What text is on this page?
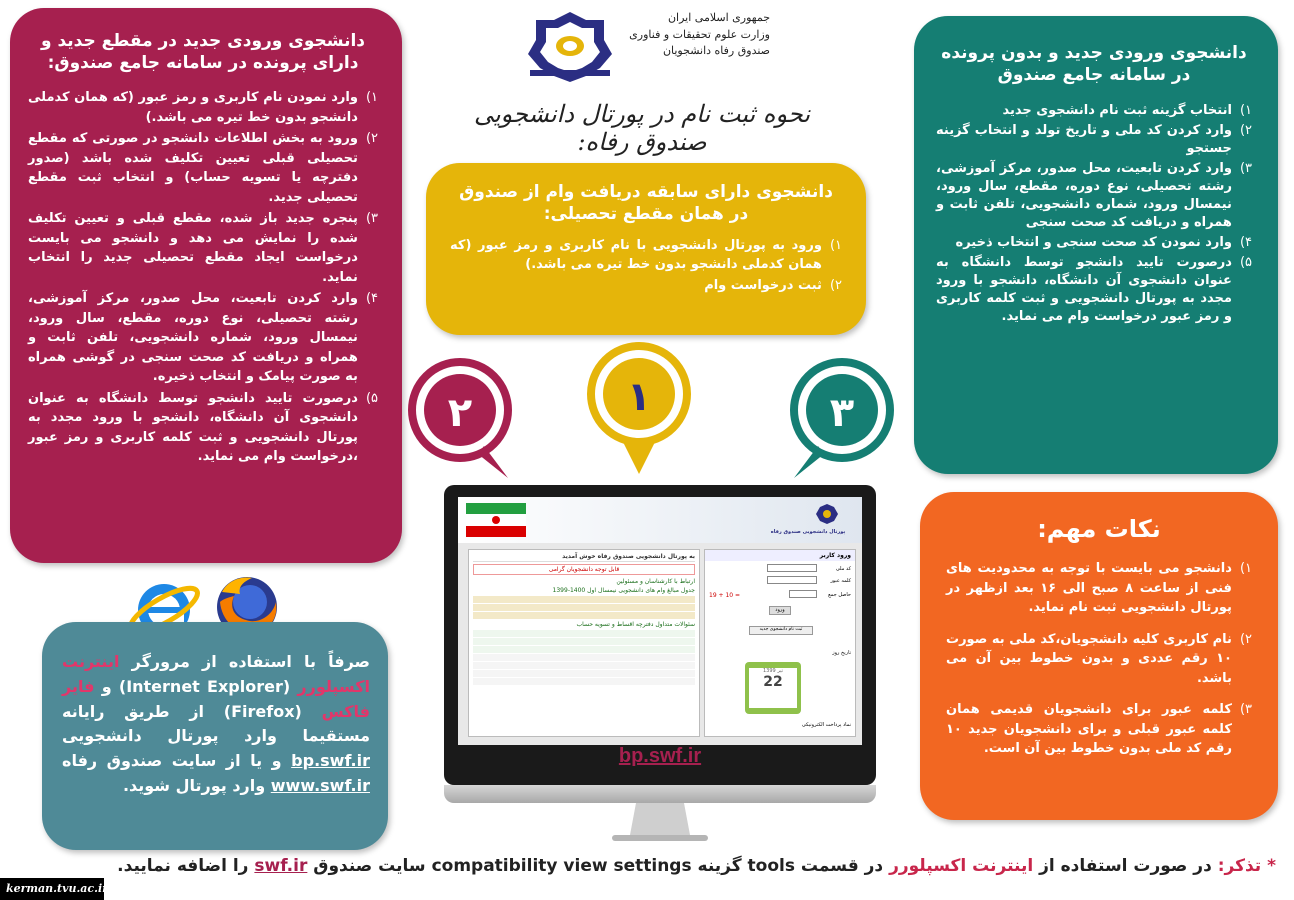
جمهوری اسلامی ایران
وزارت علوم تحقیقات و فناوری
صندوق رفاه دانشجویان
نحوه ثبت نام در پورتال دانشجویی صندوق رفاه:
دانشجوی ورودی جدید در مقطع جدید و دارای پرونده در سامانه جامع صندوق:
۱)
وارد نمودن نام کاربری و رمز عبور (که همان کدملی دانشجو بدون خط تیره می باشد.)
۲)
ورود به بخش اطلاعات دانشجو در صورتی که مقطع تحصیلی قبلی تعیین تکلیف شده باشد (صدور دفترچه یا تسویه حساب) و انتخاب ثبت مقطع تحصیلی جدید.
۳)
پنجره جدید باز شده، مقطع قبلی و تعیین تکلیف شده را نمایش می دهد و دانشجو می بایست درخواست ایجاد مقطع تحصیلی جدید را انتخاب نماید.
۴)
وارد کردن تابعیت، محل صدور، مرکز آموزشی، رشته تحصیلی، نوع دوره، مقطع، سال ورود، نیمسال ورود، شماره دانشجویی، تلفن ثابت و همراه و دریافت کد صحت سنجی در گوشی همراه به صورت پیامک و انتخاب ذخیره.
۵)
درصورت تایید دانشجو توسط دانشگاه به عنوان دانشجوی آن دانشگاه، دانشجو با ورود مجدد به پورتال دانشجویی و ثبت کلمه کاربری و رمز عبور ،درخواست وام می نماید.
دانشجوی دارای سابقه دریافت وام از صندوق در همان مقطع تحصیلی:
۱)
ورود به پورتال دانشجویی با نام کاربری و رمز عبور (که همان کدملی دانشجو بدون خط تیره می باشد.)
۲)
ثبت درخواست وام
دانشجوی ورودی جدید و بدون پرونده در سامانه جامع صندوق
۱)
انتخاب گزینه ثبت نام دانشجوی جدید
۲)
وارد کردن کد ملی و تاریخ تولد و انتخاب گزینه جستجو
۳)
وارد کردن تابعیت، محل صدور، مرکز آموزشی، رشته تحصیلی، نوع دوره، مقطع، سال ورود، نیمسال ورود، شماره دانشجویی، تلفن ثابت و همراه و دریافت کد صحت سنجی
۴)
وارد نمودن کد صحت سنجی و انتخاب ذخیره
۵)
درصورت تایید دانشجو توسط دانشگاه به عنوان دانشجوی آن دانشگاه، دانشجو با ورود مجدد به پورتال دانشجویی و ثبت کلمه کاربری و رمز عبور درخواست وام می نماید.
نکات مهم:
۱)
دانشجو می بایست با توجه به محدودیت های فنی از ساعت ۸ صبح الی ۱۶ بعد ازظهر در پورتال دانشجویی ثبت نام نماید.
۲)
نام کاربری کلیه دانشجویان،کد ملی به صورت ۱۰ رقم عددی و بدون خطوط بین آن می باشد.
۳)
کلمه عبور برای دانشجویان قدیمی همان کلمه عبور قبلی و برای دانشجویان جدید ۱۰ رقم کد ملی بدون خطوط بین آن است.
صرفاً با استفاده از مرورگر اینترنت اکسپلورر (Internet Explorer) و فایر فاکس (Firefox) از طریق رایانه مستقیما وارد پورتال دانشجویی bp.swf.ir و یا از سایت صندوق رفاه www.swf.ir وارد پورتال شوید.
۲	۱	۳
پورتال دانشجویی صندوق رفاه
به پورتال دانشجویی صندوق رفاه خوش آمدید
قابل توجه دانشجویان گرامی
ارتباط با کارشناسان و مسئولین
جدول مبالغ وام های دانشجویی نیمسال اول 1400-1399
سئوالات متداول دفترچه اقساط و تسویه حساب
ورود کاربر
کد ملی
کلمه عبور
19 + 10 =	حاصل جمع
ورود
ثبت نام دانشجوی جدید
تاریخ روز
1399 تیر
22
نماد پرداخت الکترونیکی
bp.swf.ir
* تذکر: در صورت استفاده از اینترنت اکسپلورر در قسمت tools گزینه compatibility view settings سایت صندوق swf.ir را اضافه نمایید.
kerman.tvu.ac.ir
